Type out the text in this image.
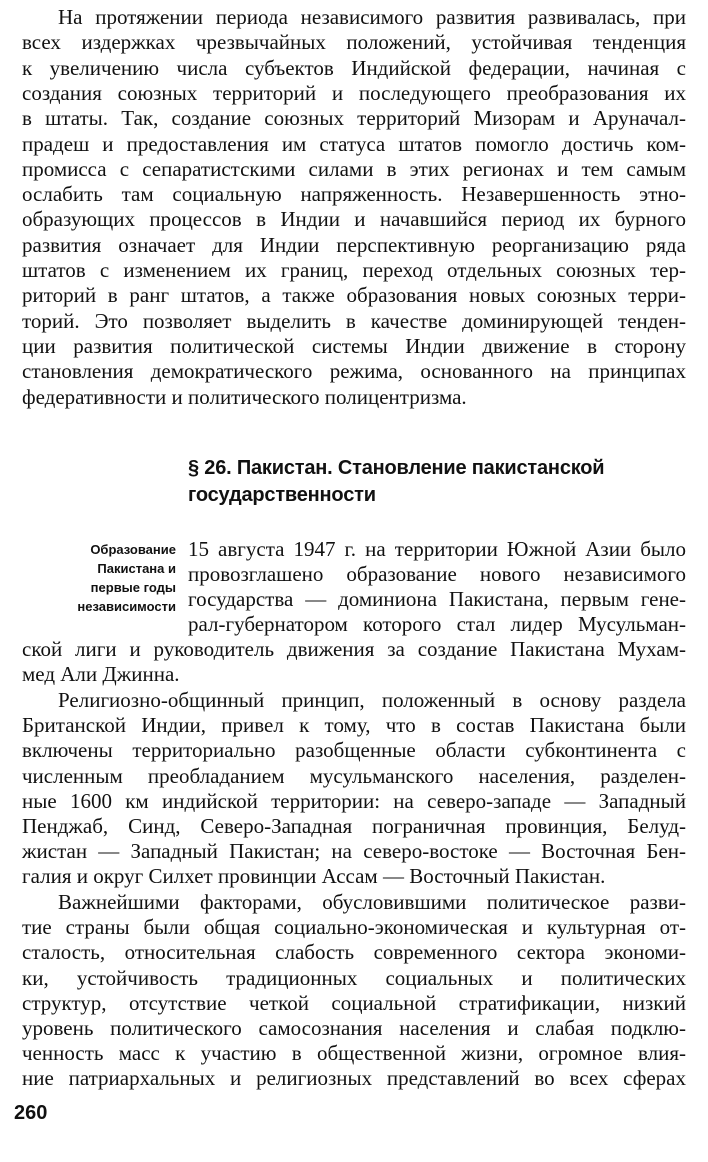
На протяжении периода независимого развития развивалась, при
всех издержках чрезвычайных положений, устойчивая тенденция
к увеличению числа субъектов Индийской федерации, начиная с
создания союзных территорий и последующего преобразования их
в штаты. Так, создание союзных территорий Мизорам и Аруначал-
прадеш и предоставления им статуса штатов помогло достичь ком-
промисса с сепаратистскими силами в этих регионах и тем самым
ослабить там социальную напряженность. Незавершенность этно-
образующих процессов в Индии и начавшийся период их бурного
развития означает для Индии перспективную реорганизацию ряда
штатов с изменением их границ, переход отдельных союзных тер-
риторий в ранг штатов, а также образования новых союзных терри-
торий. Это позволяет выделить в качестве доминирующей тенден-
ции развития политической системы Индии движение в сторону
становления демократического режима, основанного на принципах
федеративности и политического полицентризма.
§ 26. Пакистан. Становление пакистанской
государственности
Образование
Пакистана и
первые годы
независимости
15 августа 1947 г. на территории Южной Азии было
провозглашено образование нового независимого
государства — доминиона Пакистана, первым гене-
рал-губернатором которого стал лидер Мусульман-
ской лиги и руководитель движения за создание Пакистана Мухам-
мед Али Джинна.
Религиозно-общинный принцип, положенный в основу раздела
Британской Индии, привел к тому, что в состав Пакистана были
включены территориально разобщенные области субконтинента с
численным преобладанием мусульманского населения, разделен-
ные 1600 км индийской территории: на северо-западе — Западный
Пенджаб, Синд, Северо-Западная пограничная провинция, Белуд-
жистан — Западный Пакистан; на северо-востоке — Восточная Бен-
галия и округ Силхет провинции Ассам — Восточный Пакистан.
Важнейшими факторами, обусловившими политическое разви-
тие страны были общая социально-экономическая и культурная от-
сталость, относительная слабость современного сектора экономи-
ки, устойчивость традиционных социальных и политических
структур, отсутствие четкой социальной стратификации, низкий
уровень политического самосознания населения и слабая подклю-
ченность масс к участию в общественной жизни, огромное влия-
ние патриархальных и религиозных представлений во всех сферах
260
